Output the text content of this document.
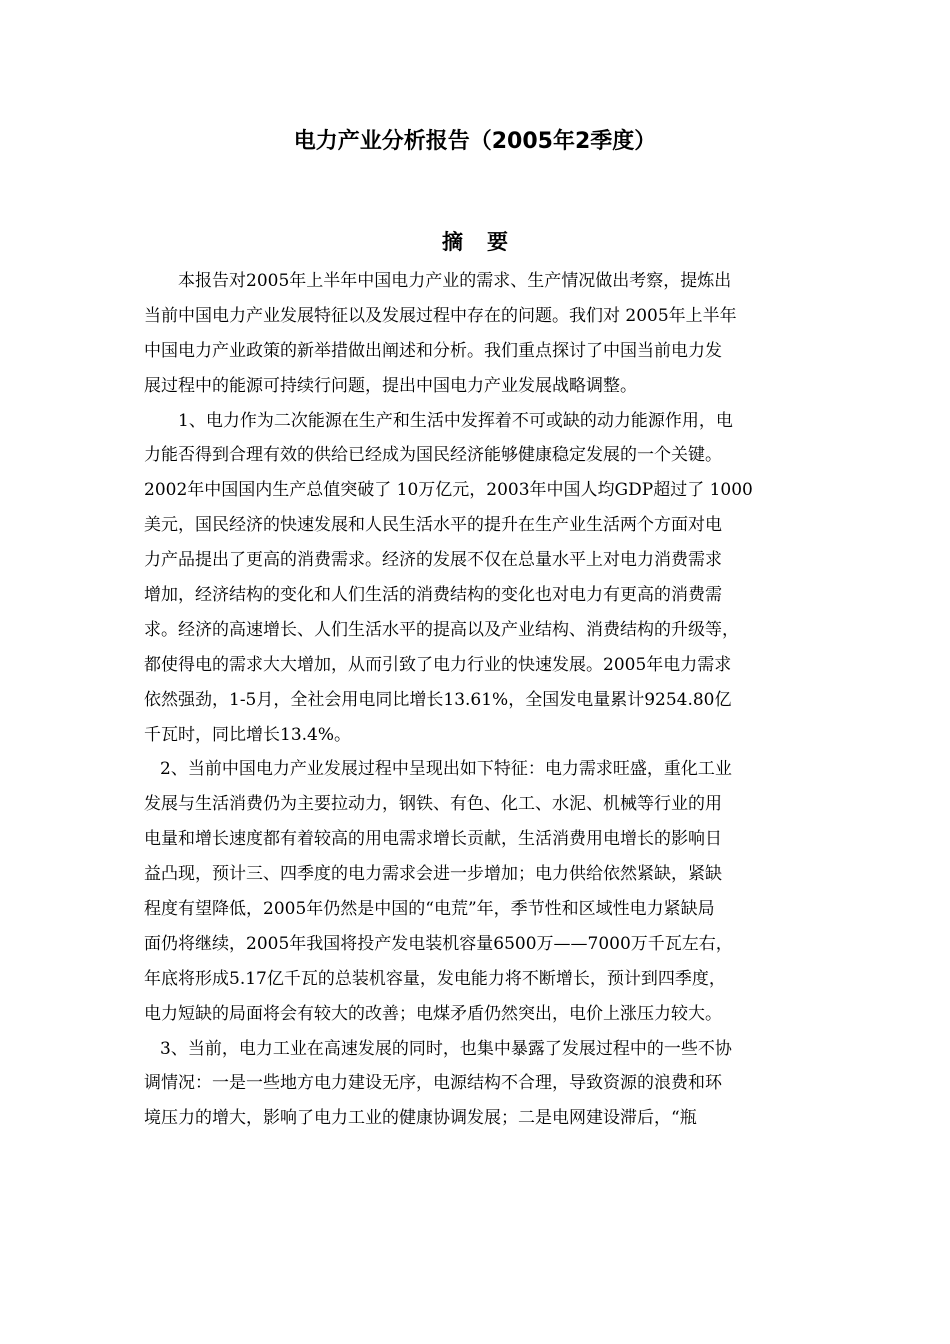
电力产业分析报告（2005年2季度）
摘要
本报告对2005年上半年中国电力产业的需求、生产情况做出考察，提炼出
当前中国电力产业发展特征以及发展过程中存在的问题。我们对 2005年上半年
中国电力产业政策的新举措做出阐述和分析。我们重点探讨了中国当前电力发
展过程中的能源可持续行问题，提出中国电力产业发展战略调整。
1、电力作为二次能源在生产和生活中发挥着不可或缺的动力能源作用，电
力能否得到合理有效的供给已经成为国民经济能够健康稳定发展的一个关键。
2002年中国国内生产总值突破了 10万亿元，2003年中国人均GDP超过了 1000
美元，国民经济的快速发展和人民生活水平的提升在生产业生活两个方面对电
力产品提出了更高的消费需求。经济的发展不仅在总量水平上对电力消费需求
增加，经济结构的变化和人们生活的消费结构的变化也对电力有更高的消费需
求。经济的高速增长、人们生活水平的提高以及产业结构、消费结构的升级等，
都使得电的需求大大增加，从而引致了电力行业的快速发展。2005年电力需求
依然强劲，1-5月，全社会用电同比增长13.61%，全国发电量累计9254.80亿
千瓦时，同比增长13.4%。
2、当前中国电力产业发展过程中呈现出如下特征：电力需求旺盛，重化工业
发展与生活消费仍为主要拉动力，钢铁、有色、化工、水泥、机械等行业的用
电量和增长速度都有着较高的用电需求增长贡献，生活消费用电增长的影响日
益凸现，预计三、四季度的电力需求会进一步增加；电力供给依然紧缺，紧缺
程度有望降低，2005年仍然是中国的“电荒”年，季节性和区域性电力紧缺局
面仍将继续，2005年我国将投产发电装机容量6500万——7000万千瓦左右，
年底将形成5.17亿千瓦的总装机容量，发电能力将不断增长，预计到四季度，
电力短缺的局面将会有较大的改善；电煤矛盾仍然突出，电价上涨压力较大。
3、当前，电力工业在高速发展的同时，也集中暴露了发展过程中的一些不协
调情况：一是一些地方电力建设无序，电源结构不合理，导致资源的浪费和环
境压力的增大，影响了电力工业的健康协调发展；二是电网建设滞后，“瓶
